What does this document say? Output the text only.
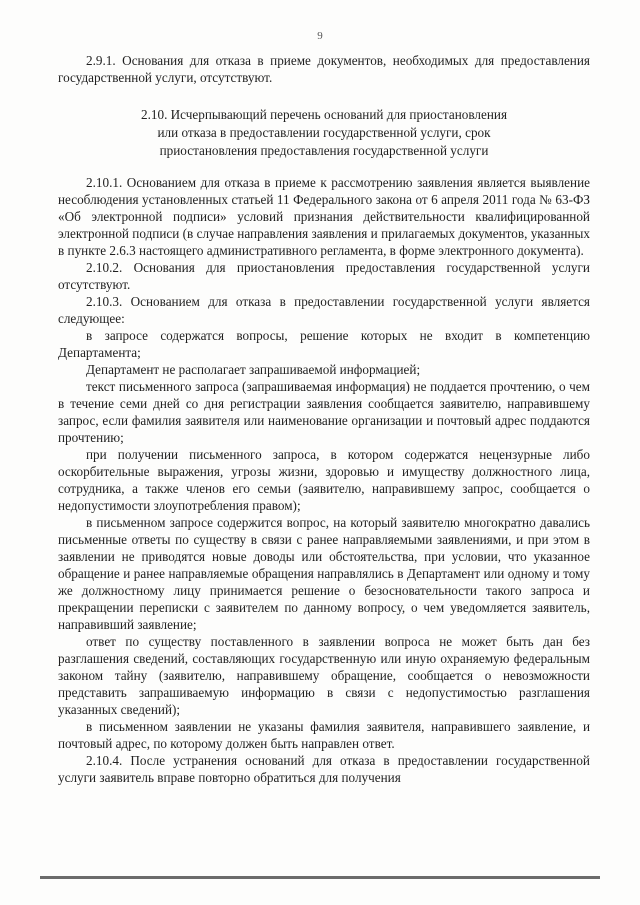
9

2.9.1. Основания для отказа в приеме документов, необходимых для предоставления государственной услуги, отсутствуют.

2.10. Исчерпывающий перечень оснований для приостановления
или отказа в предоставлении государственной услуги, срок
приостановления предоставления государственной услуги

2.10.1. Основанием для отказа в приеме к рассмотрению заявления является выявление несоблюдения установленных статьей 11 Федерального закона от 6 апреля 2011 года № 63-ФЗ «Об электронной подписи» условий признания действительности квалифицированной электронной подписи (в случае направления заявления и прилагаемых документов, указанных в пункте 2.6.3 настоящего административного регламента, в форме электронного документа).

2.10.2. Основания для приостановления предоставления государственной услуги отсутствуют.

2.10.3. Основанием для отказа в предоставлении государственной услуги является следующее:

в запросе содержатся вопросы, решение которых не входит в компетенцию Департамента;

Департамент не располагает запрашиваемой информацией;

текст письменного запроса (запрашиваемая информация) не поддается прочтению, о чем в течение семи дней со дня регистрации заявления сообщается заявителю, направившему запрос, если фамилия заявителя или наименование организации и почтовый адрес поддаются прочтению;

при получении письменного запроса, в котором содержатся нецензурные либо оскорбительные выражения, угрозы жизни, здоровью и имуществу должностного лица, сотрудника, а также членов его семьи (заявителю, направившему запрос, сообщается о недопустимости злоупотребления правом);

в письменном запросе содержится вопрос, на который заявителю многократно давались письменные ответы по существу в связи с ранее направляемыми заявлениями, и при этом в заявлении не приводятся новые доводы или обстоятельства, при условии, что указанное обращение и ранее направляемые обращения направлялись в Департамент или одному и тому же должностному лицу принимается решение о безосновательности такого запроса и прекращении переписки с заявителем по данному вопросу, о чем уведомляется заявитель, направивший заявление;

ответ по существу поставленного в заявлении вопроса не может быть дан без разглашения сведений, составляющих государственную или иную охраняемую федеральным законом тайну (заявителю, направившему обращение, сообщается о невозможности представить запрашиваемую информацию в связи с недопустимостью разглашения указанных сведений);

в письменном заявлении не указаны фамилия заявителя, направившего заявление, и почтовый адрес, по которому должен быть направлен ответ.

2.10.4. После устранения оснований для отказа в предоставлении государственной услуги заявитель вправе повторно обратиться для получения
